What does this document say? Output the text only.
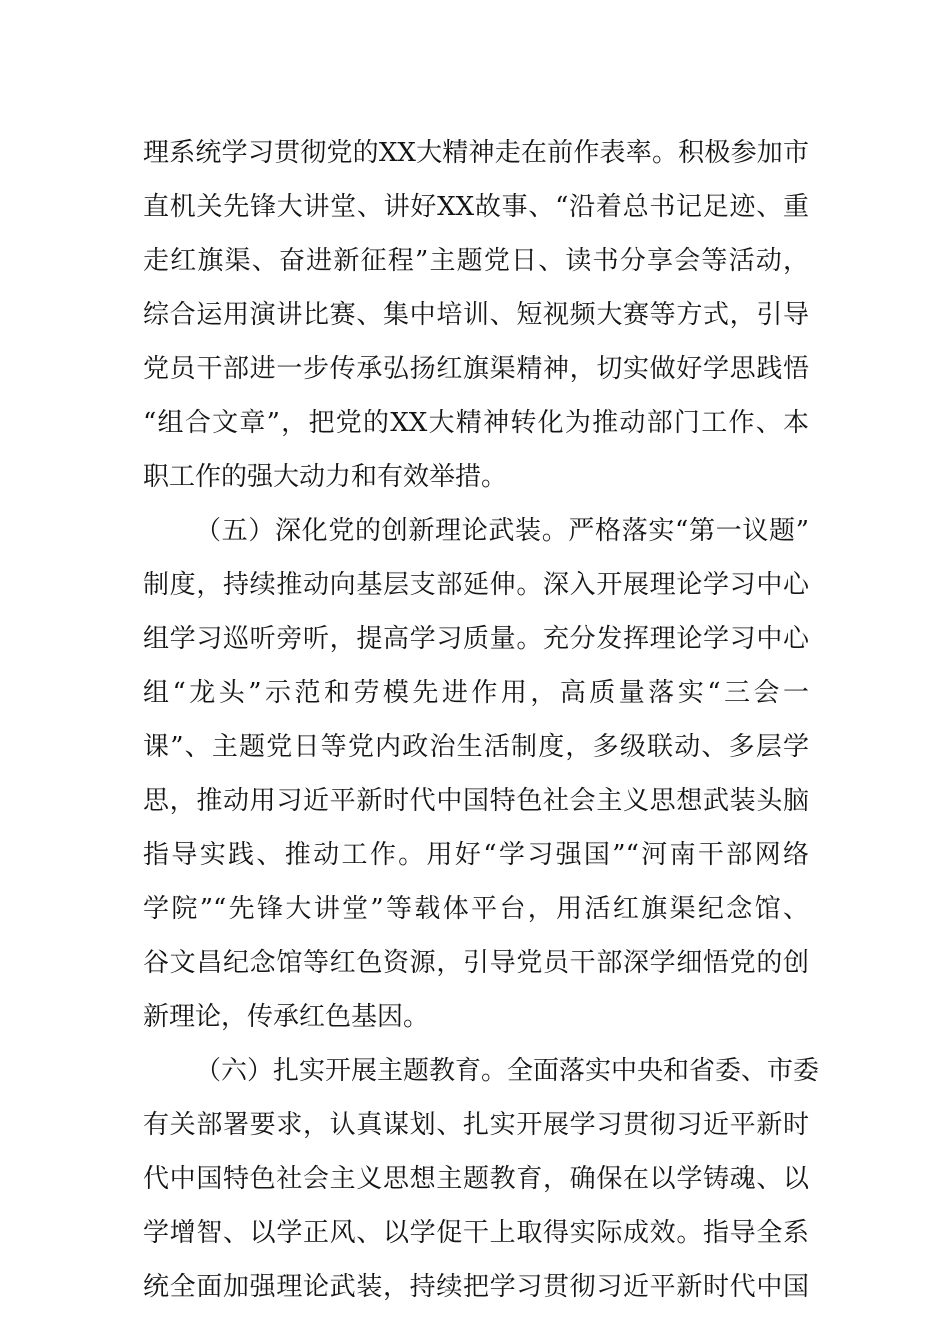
理系统学习贯彻党的XX大精神走在前作表率。积极参加市
直机关先锋大讲堂、讲好XX故事、“沿着总书记足迹、重
走红旗渠、奋进新征程”主题党日、读书分享会等活动，
综合运用演讲比赛、集中培训、短视频大赛等方式，引导
党员干部进一步传承弘扬红旗渠精神，切实做好学思践悟
“组合文章”，把党的XX大精神转化为推动部门工作、本
职工作的强大动力和有效举措。
（五）深化党的创新理论武装。严格落实“第一议题”
制度，持续推动向基层支部延伸。深入开展理论学习中心
组学习巡听旁听，提高学习质量。充分发挥理论学习中心
组“龙头”示范和劳模先进作用，高质量落实“三会一
课”、主题党日等党内政治生活制度，多级联动、多层学
思，推动用习近平新时代中国特色社会主义思想武装头脑
指导实践、推动工作。用好“学习强国”“河南干部网络
学院”“先锋大讲堂”等载体平台，用活红旗渠纪念馆、
谷文昌纪念馆等红色资源，引导党员干部深学细悟党的创
新理论，传承红色基因。
（六）扎实开展主题教育。全面落实中央和省委、市委
有关部署要求，认真谋划、扎实开展学习贯彻习近平新时
代中国特色社会主义思想主题教育，确保在以学铸魂、以
学增智、以学正风、以学促干上取得实际成效。指导全系
统全面加强理论武装，持续把学习贯彻习近平新时代中国
